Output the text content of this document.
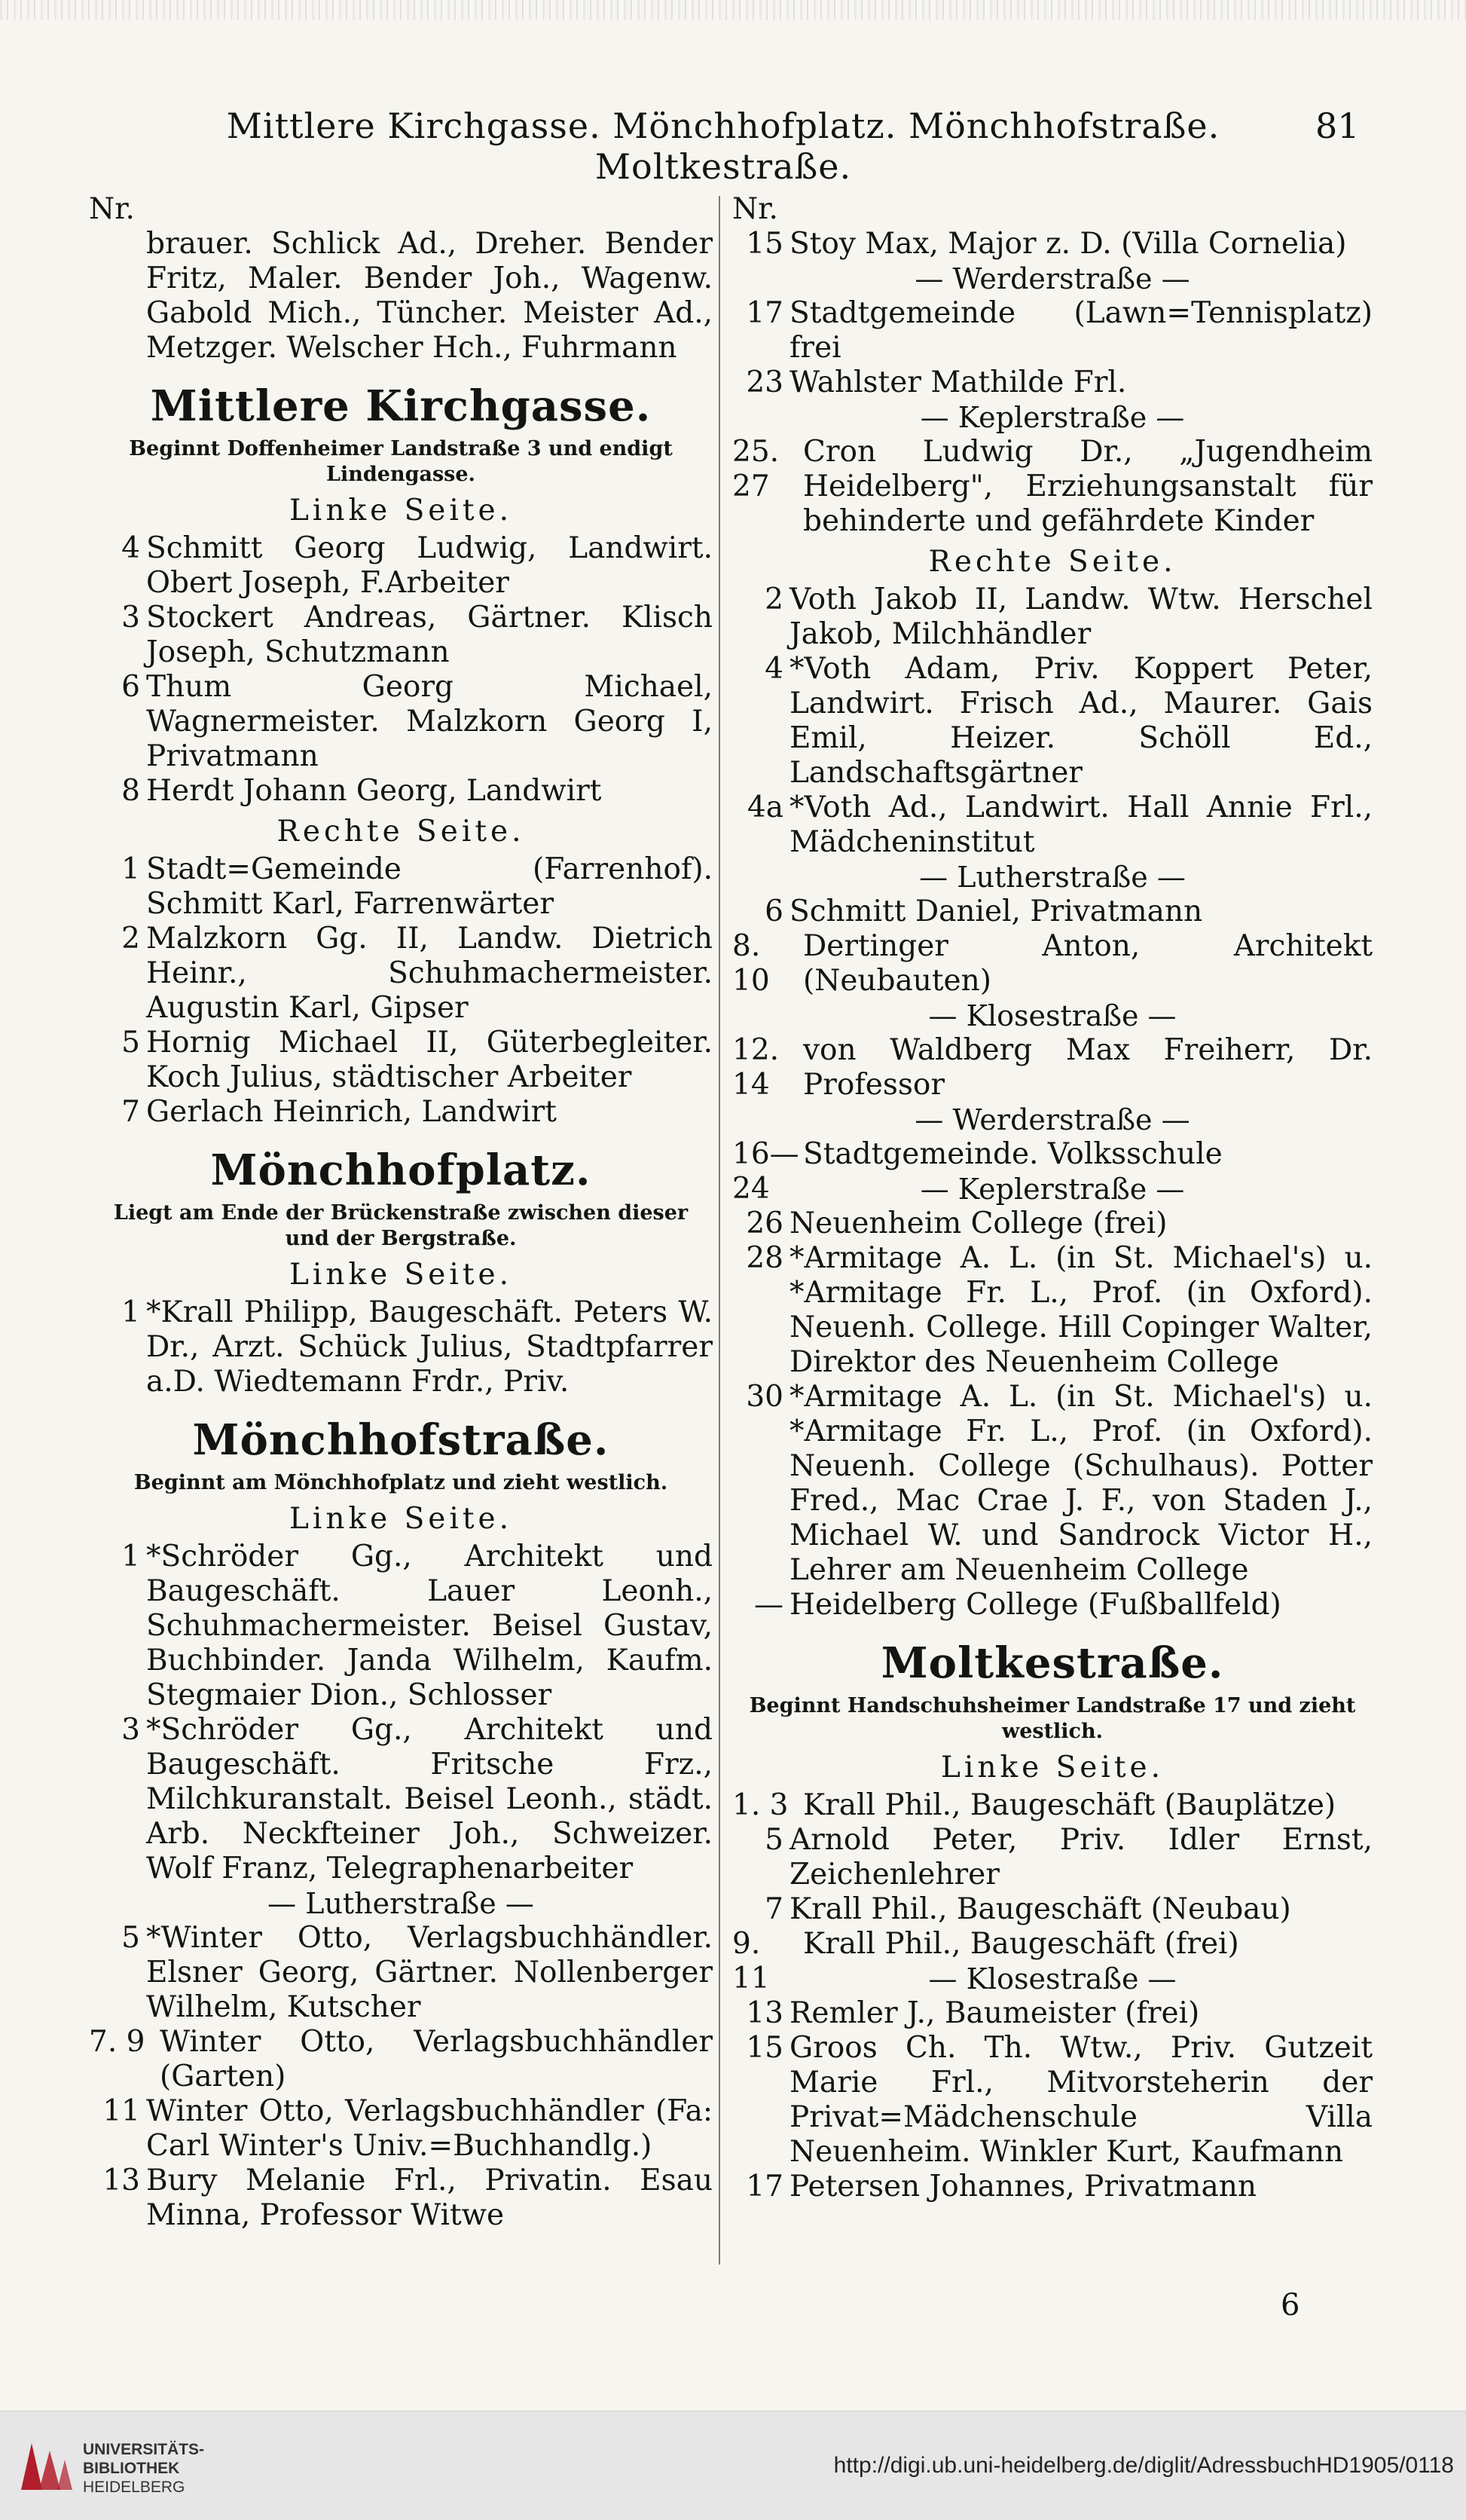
Mittlere Kirchgasse. Mönchhofplatz. Mönchhofstraße. Moltkestraße.
81
Nr.
brauer. Schlick Ad., Dreher. Bender Fritz, Maler. Bender Joh., Wagenw. Gabold Mich., Tüncher. Meister Ad., Metzger. Welscher Hch., Fuhrmann
Mittlere Kirchgasse.
Beginnt Doffenheimer Landstraße 3 und endigt Lindengasse.
Linke Seite.
4 Schmitt Georg Ludwig, Landwirt. Obert Joseph, F.Arbeiter
3 Stockert Andreas, Gärtner. Klisch Joseph, Schutzmann
6 Thum Georg Michael, Wagnermeister. Malzkorn Georg I, Privatmann
8 Herdt Johann Georg, Landwirt
Rechte Seite.
1 Stadt=Gemeinde (Farrenhof). Schmitt Karl, Farrenwärter
2 Malzkorn Gg. II, Landw. Dietrich Heinr., Schuhmachermeister. Augustin Karl, Gipser
5 Hornig Michael II, Güterbegleiter. Koch Julius, städtischer Arbeiter
7 Gerlach Heinrich, Landwirt
Mönchhofplatz.
Liegt am Ende der Brückenstraße zwischen dieser und der Bergstraße.
Linke Seite.
1 *Krall Philipp, Baugeschäft. Peters W. Dr., Arzt. Schück Julius, Stadtpfarrer a.D. Wiedtemann Frdr., Priv.
Mönchhofstraße.
Beginnt am Mönchhofplatz und zieht westlich.
Linke Seite.
1 *Schröder Gg., Architekt und Baugeschäft. Lauer Leonh., Schuhmachermeister. Beisel Gustav, Buchbinder. Janda Wilhelm, Kaufm. Stegmaier Dion., Schlosser
3 *Schröder Gg., Architekt und Baugeschäft. Fritsche Frz., Milchkuranstalt. Beisel Leonh., städt. Arb. Neckfteiner Joh., Schweizer. Wolf Franz, Telegraphenarbeiter
— Lutherstraße —
5 *Winter Otto, Verlagsbuchhändler. Elsner Georg, Gärtner. Nollenberger Wilhelm, Kutscher
7. 9 Winter Otto, Verlagsbuchhändler (Garten)
11 Winter Otto, Verlagsbuchhändler (Fa: Carl Winter's Univ.=Buchhandlg.)
13 Bury Melanie Frl., Privatin. Esau Minna, Professor Witwe
Nr.
15 Stoy Max, Major z. D. (Villa Cornelia)
— Werderstraße —
17 Stadtgemeinde (Lawn=Tennisplatz) frei
23 Wahlster Mathilde Frl.
— Keplerstraße —
25. 27
Cron Ludwig Dr., „Jugendheim Heidelberg", Erziehungsanstalt für behinderte und gefährdete Kinder
Rechte Seite.
2 Voth Jakob II, Landw. Wtw. Herschel Jakob, Milchhändler
4 *Voth Adam, Priv. Koppert Peter, Landwirt. Frisch Ad., Maurer. Gais Emil, Heizer. Schöll Ed., Landschaftsgärtner
4a *Voth Ad., Landwirt. Hall Annie Frl., Mädcheninstitut
— Lutherstraße —
6 Schmitt Daniel, Privatmann
8. 10
Dertinger Anton, Architekt (Neubauten)
— Klosestraße —
12. 14
von Waldberg Max Freiherr, Dr. Professor
— Werderstraße —
16—24
Stadtgemeinde. Volksschule
— Keplerstraße —
26 Neuenheim College (frei)
28 *Armitage A. L. (in St. Michael's) u. *Armitage Fr. L., Prof. (in Oxford). Neuenh. College. Hill Copinger Walter, Direktor des Neuenheim College
30 *Armitage A. L. (in St. Michael's) u. *Armitage Fr. L., Prof. (in Oxford). Neuenh. College (Schulhaus). Potter Fred., Mac Crae J. F., von Staden J., Michael W. und Sandrock Victor H., Lehrer am Neuenheim College
— Heidelberg College (Fußballfeld)
Moltkestraße.
Beginnt Handschuhsheimer Landstraße 17 und zieht westlich.
Linke Seite.
1. 3 Krall Phil., Baugeschäft (Bauplätze)
5 Arnold Peter, Priv. Idler Ernst, Zeichenlehrer
7 Krall Phil., Baugeschäft (Neubau)
9. 11
Krall Phil., Baugeschäft (frei)
— Klosestraße —
13 Remler J., Baumeister (frei)
15 Groos Ch. Th. Wtw., Priv. Gutzeit Marie Frl., Mitvorsteherin der Privat=Mädchenschule Villa Neuenheim. Winkler Kurt, Kaufmann
17 Petersen Johannes, Privatmann
6
UNIVERSITÄTS-
BIBLIOTHEK
HEIDELBERG
http://digi.ub.uni-heidelberg.de/diglit/AdressbuchHD1905/0118
